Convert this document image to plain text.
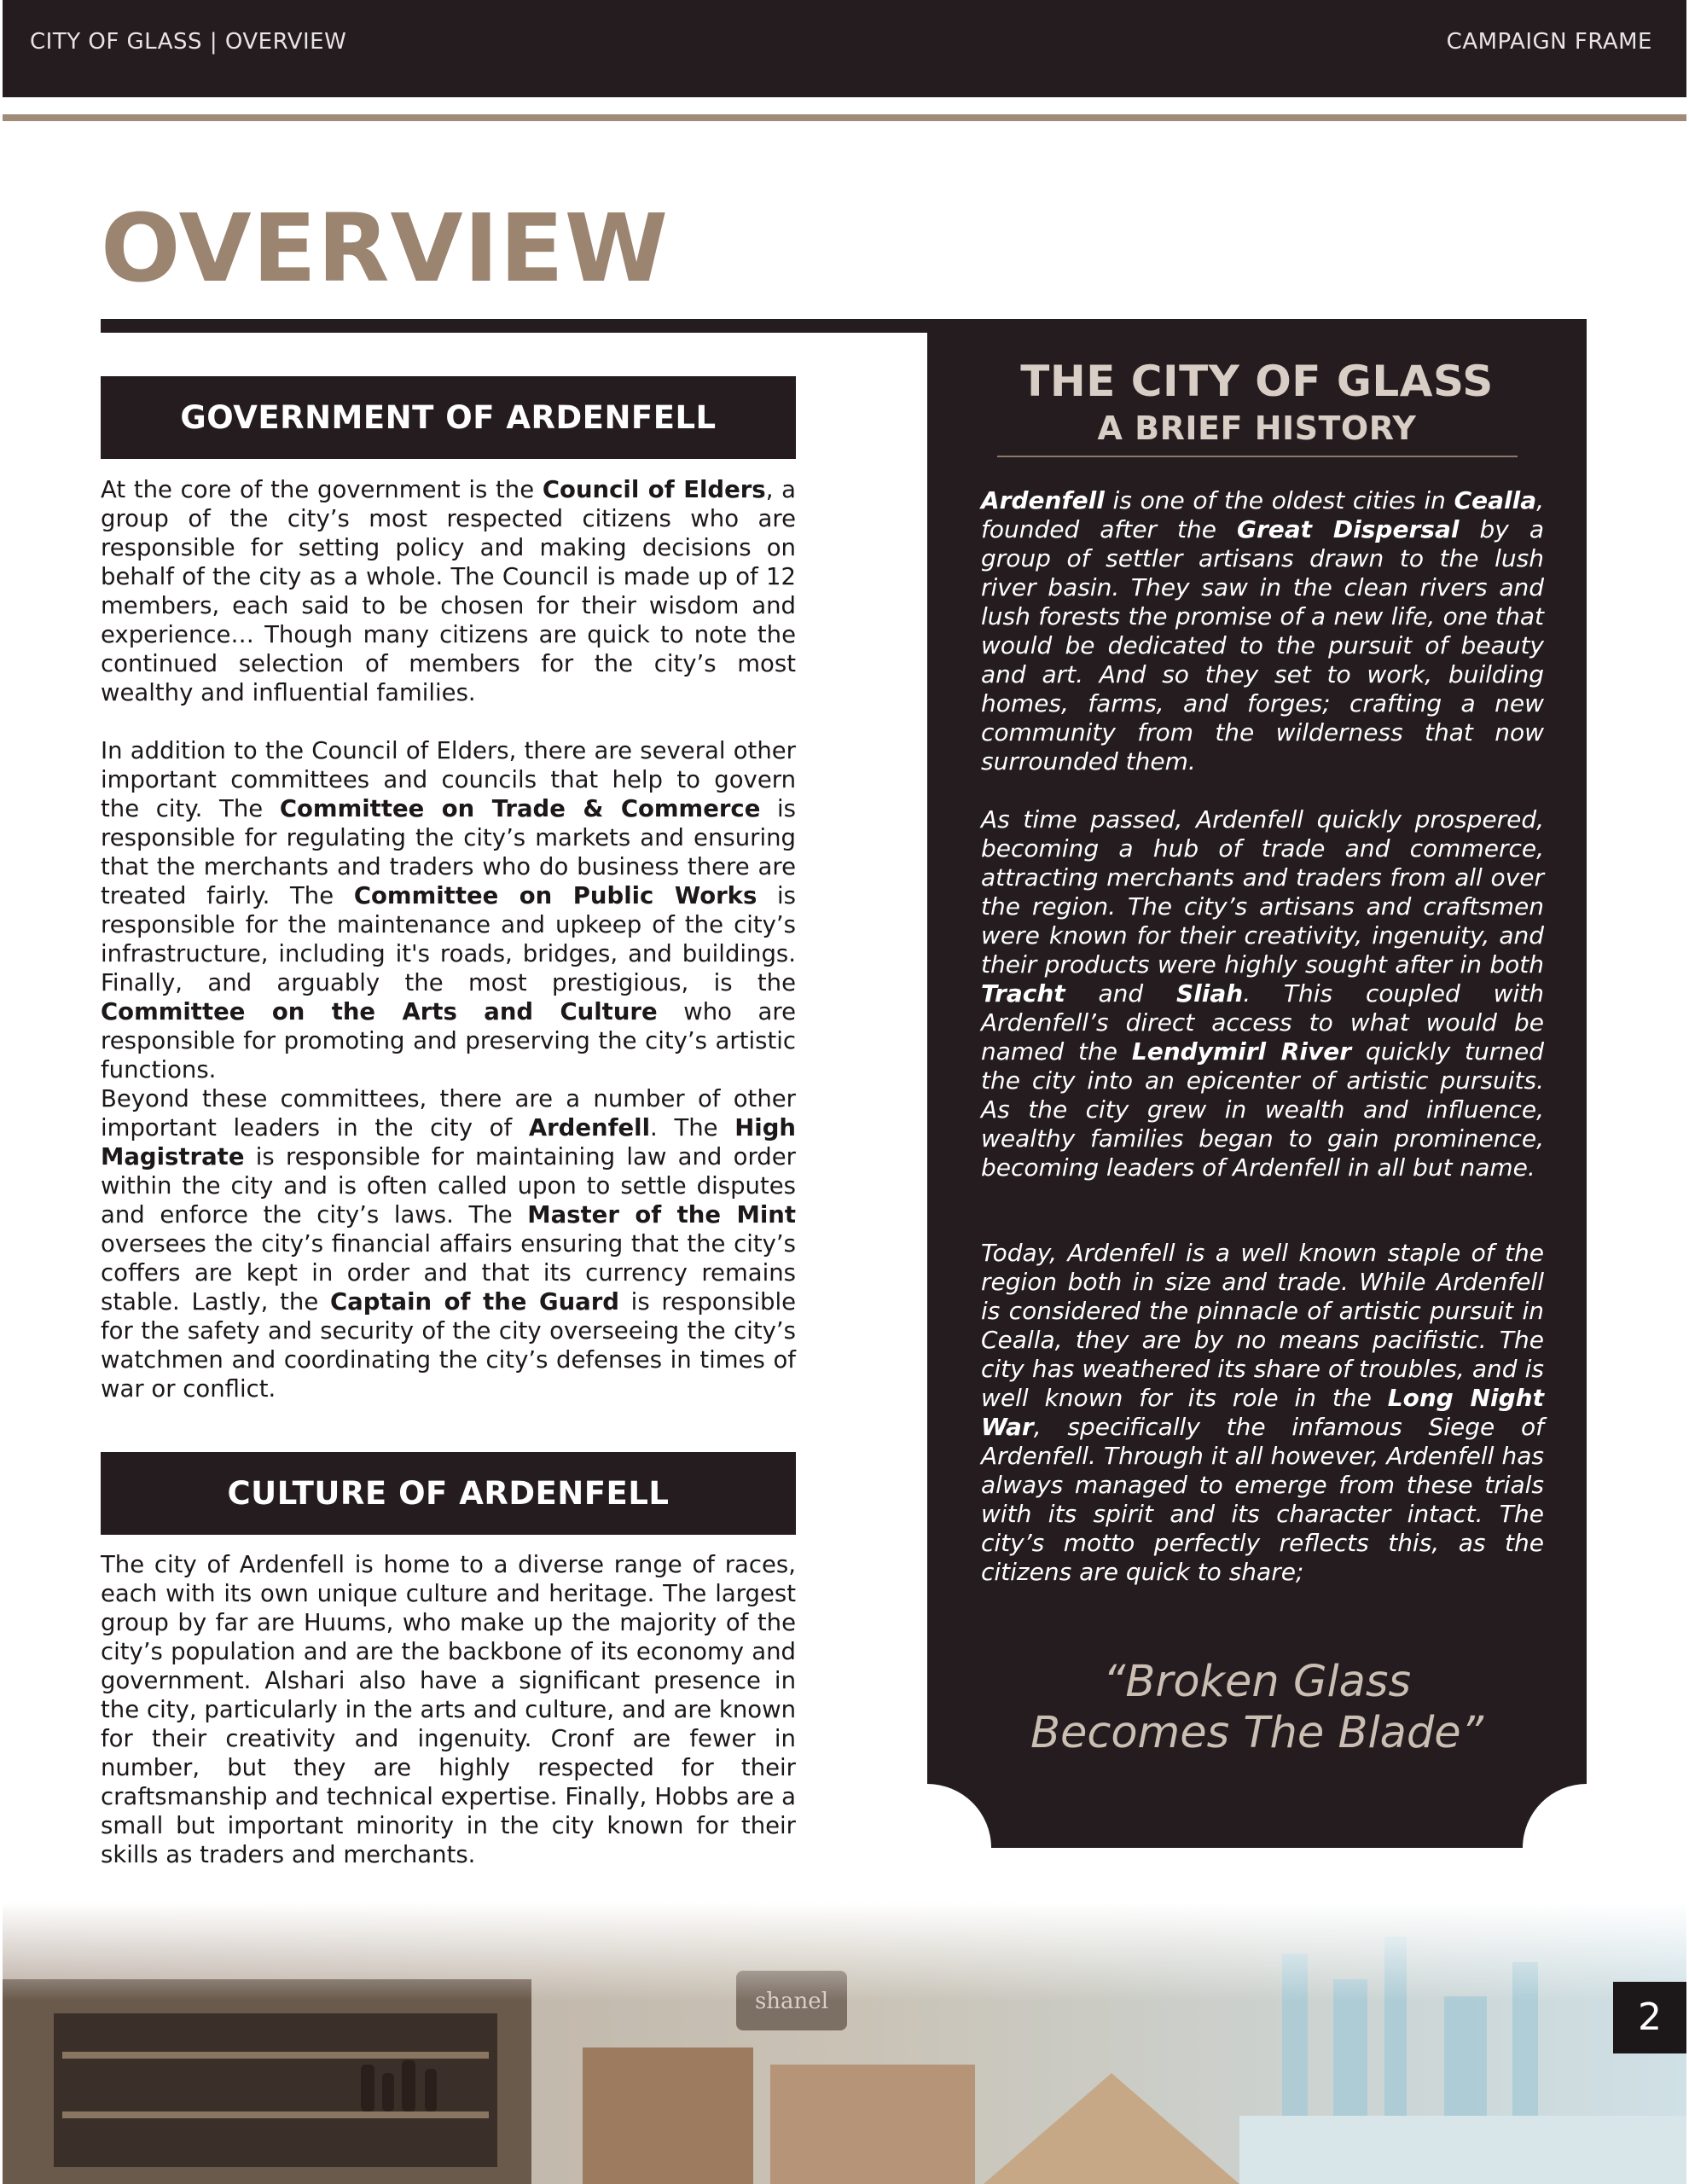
CITY OF GLASS | OVERVIEW	CAMPAIGN FRAME
OVERVIEW
GOVERNMENT OF ARDENFELL

At the core of the government is the Council of Elders, a group of the city’s most respected citizens who are responsible for setting policy and making decisions on behalf of the city as a whole. The Council is made up of 12 members, each said to be chosen for their wisdom and experience… Though many citizens are quick to note the continued selection of members for the city’s most wealthy and influential families.

In addition to the Council of Elders, there are several other important committees and councils that help to govern the city. The Committee on Trade & Commerce is responsible for regulating the city’s markets and ensuring that the merchants and traders who do business there are treated fairly. The Committee on Public Works is responsible for the maintenance and upkeep of the city’s infrastructure, including it's roads, bridges, and buildings. Finally, and arguably the most prestigious, is the Committee on the Arts and Culture who are responsible for promoting and preserving the city’s artistic functions.

Beyond these committees, there are a number of other important leaders in the city of Ardenfell. The High Magistrate is responsible for maintaining law and order within the city and is often called upon to settle disputes and enforce the city’s laws. The Master of the Mint oversees the city’s financial affairs ensuring that the city’s coffers are kept in order and that its currency remains stable. Lastly, the Captain of the Guard is responsible for the safety and security of the city overseeing the city’s watchmen and coordinating the city’s defenses in times of war or conflict.

CULTURE OF ARDENFELL

The city of Ardenfell is home to a diverse range of races, each with its own unique culture and heritage. The largest group by far are Huums, who make up the majority of the city’s population and are the backbone of its economy and government. Alshari also have a significant presence in the city, particularly in the arts and culture, and are known for their creativity and ingenuity. Cronf are fewer in number, but they are highly respected for their craftsmanship and technical expertise. Finally, Hobbs are a small but important minority in the city known for their skills as traders and merchants.

THE CITY OF GLASS
A BRIEF HISTORY

Ardenfell is one of the oldest cities in Cealla, founded after the Great Dispersal by a group of settler artisans drawn to the lush river basin. They saw in the clean rivers and lush forests the promise of a new life, one that would be dedicated to the pursuit of beauty and art. And so they set to work, building homes, farms, and forges; crafting a new community from the wilderness that now surrounded them.

As time passed, Ardenfell quickly prospered, becoming a hub of trade and commerce, attracting merchants and traders from all over the region. The city’s artisans and craftsmen were known for their creativity, ingenuity, and their products were highly sought after in both Tracht and Sliah. This coupled with Ardenfell’s direct access to what would be named the Lendymirl River quickly turned the city into an epicenter of artistic pursuits. As the city grew in wealth and influence, wealthy families began to gain prominence, becoming leaders of Ardenfell in all but name.

Today, Ardenfell is a well known staple of the region both in size and trade. While Ardenfell is considered the pinnacle of artistic pursuit in Cealla, they are by no means pacifistic. The city has weathered its share of troubles, and is well known for its role in the Long Night War, specifically the infamous Siege of Ardenfell. Through it all however, Ardenfell has always managed to emerge from these trials with its spirit and its character intact. The city’s motto perfectly reflects this, as the citizens are quick to share;

“Broken Glass
Becomes The Blade”
2
